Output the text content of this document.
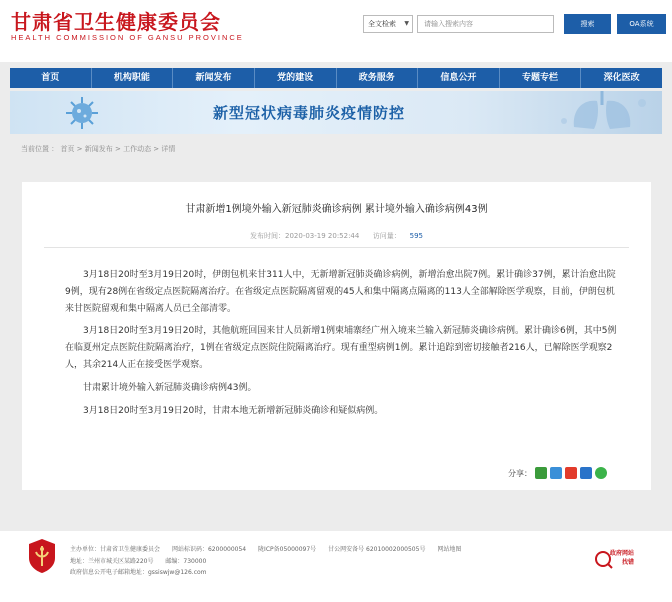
甘肃省卫生健康委员会
HEALTH COMMISSION OF GANSU PROVINCE
全文检索 ▼	请输入搜索内容	搜索	OA系统
首页	机构职能	新闻发布	党的建设	政务服务	信息公开	专题专栏	深化医改
新型冠状病毒肺炎疫情防控
当前位置 ： 首页 > 新闻发布 > 工作动态 > 详情
甘肃新增1例境外输入新冠肺炎确诊病例 累计境外输入确诊病例43例
发布时间：2020-03-19 20:52:44 访问量： 595

3月18日20时至3月19日20时，伊朗包机来甘311人中，无新增新冠肺炎确诊病例，新增治愈出院7例。累计确诊37例，累计治愈出院9例，现有28例在省级定点医院隔离治疗。在省级定点医院隔离留观的45人和集中隔离点隔离的113人全部解除医学观察，目前，伊朗包机来甘医院留观和集中隔离人员已全部清零。

3月18日20时至3月19日20时，其他航班回国来甘人员新增1例柬埔寨经广州入境来兰输入新冠肺炎确诊病例。累计确诊6例，其中5例在临夏州定点医院住院隔离治疗，1例在省级定点医院住院隔离治疗。现有重型病例1例。累计追踪到密切接触者216人，已解除医学观察2人，其余214人正在接受医学观察。

甘肃累计境外输入新冠肺炎确诊病例43例。

3月18日20时至3月19日20时，甘肃本地无新增新冠肺炎确诊和疑似病例。

分享：
主办单位：甘肃省卫生健康委员会 网站标识码：6200000054 陇ICP备05000097号 甘公网安备号 62010002000505号 网站地图
地址：兰州市城关区某路220号 邮编：730000
政府信息公开电子邮箱地址：gssiswjw@126.com
政府网站
找错
